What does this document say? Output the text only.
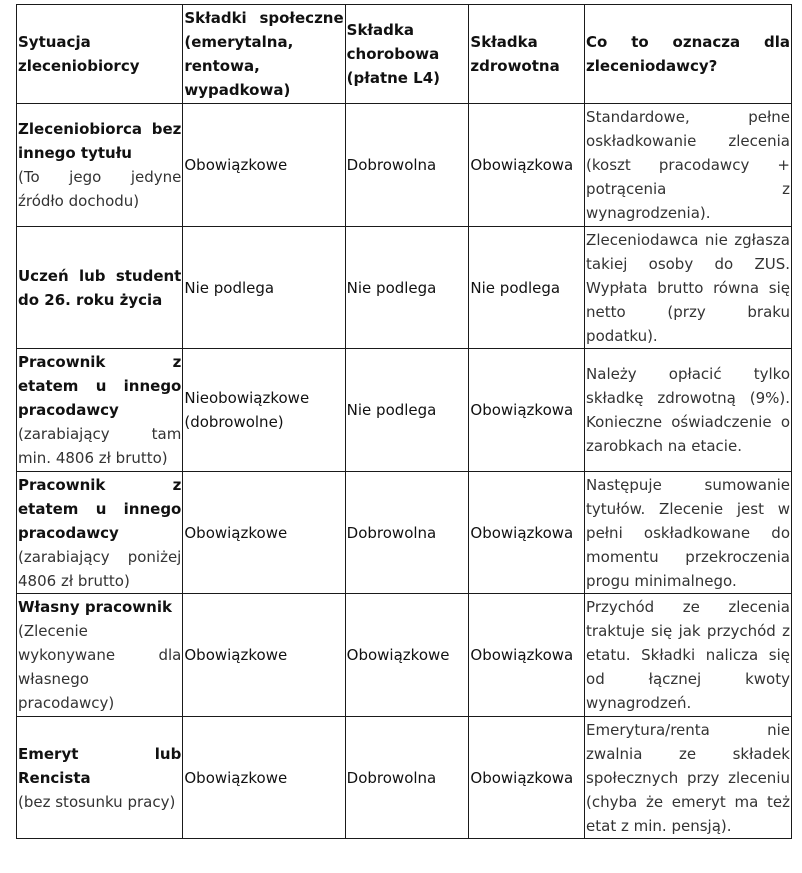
Sytuacja zleceniobiorcy	Składki społeczne (emerytalna, rentowa, wypadkowa)	Składka chorobowa (płatne L4)	Składka zdrowotna	Co to oznacza dla zleceniodawcy?

Zleceniobiorca bez innego tytułu
(To jego jedyne źródło dochodu)	Obowiązkowe	Dobrowolna	Obowiązkowa	Standardowe, pełne oskładkowanie zlecenia (koszt pracodawcy + potrącenia z wynagrodzenia).

Uczeń lub student do 26. roku życia	Nie podlega	Nie podlega	Nie podlega	Zleceniodawca nie zgłasza takiej osoby do ZUS. Wypłata brutto równa się netto (przy braku podatku).

Pracownik z etatem u innego pracodawcy
(zarabiający tam min. 4806 zł brutto)	Nieobowiązkowe (dobrowolne)	Nie podlega	Obowiązkowa	Należy opłacić tylko składkę zdrowotną (9%). Konieczne oświadczenie o zarobkach na etacie.

Pracownik z etatem u innego pracodawcy
(zarabiający poniżej 4806 zł brutto)	Obowiązkowe	Dobrowolna	Obowiązkowa	Następuje sumowanie tytułów. Zlecenie jest w pełni oskładkowane do momentu przekroczenia progu minimalnego.

Własny pracownik
(Zlecenie wykonywane dla własnego pracodawcy)	Obowiązkowe	Obowiązkowe	Obowiązkowa	Przychód ze zlecenia traktuje się jak przychód z etatu. Składki nalicza się od łącznej kwoty wynagrodzeń.

Emeryt lub Rencista
(bez stosunku pracy)	Obowiązkowe	Dobrowolna	Obowiązkowa	Emerytura/renta nie zwalnia ze składek społecznych przy zleceniu (chyba że emeryt ma też etat z min. pensją).
